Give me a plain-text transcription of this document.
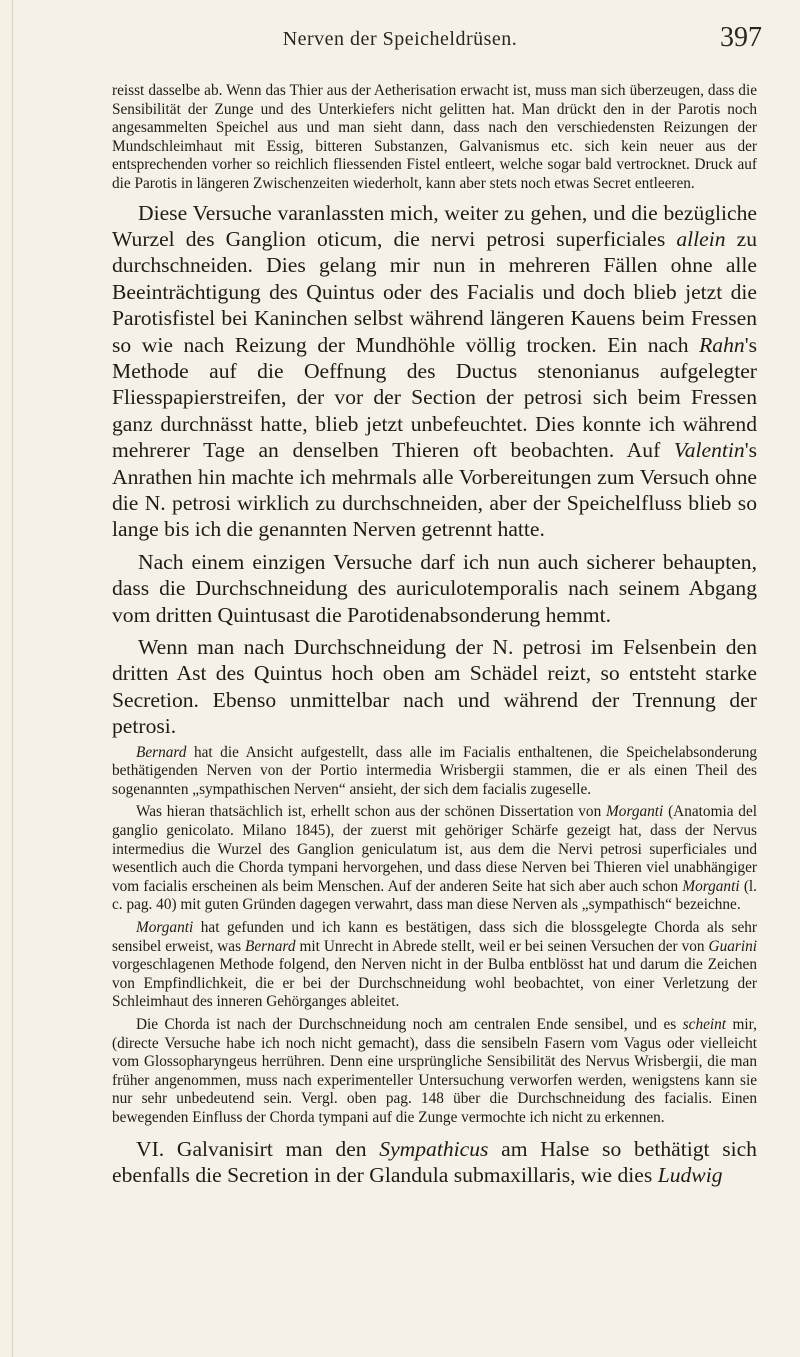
Nerven der Speicheldrüsen.	397

reisst dasselbe ab. Wenn das Thier aus der Aetherisation erwacht ist, muss man sich überzeugen, dass die Sensibilität der Zunge und des Unterkiefers nicht gelitten hat. Man drückt den in der Parotis noch angesammelten Speichel aus und man sieht dann, dass nach den verschiedensten Reizungen der Mundschleimhaut mit Essig, bitteren Substanzen, Galvanismus etc. sich kein neuer aus der entsprechenden vorher so reichlich fliessenden Fistel entleert, welche sogar bald vertrocknet. Druck auf die Parotis in längeren Zwischenzeiten wiederholt, kann aber stets noch etwas Secret entleeren.

Diese Versuche varanlassten mich, weiter zu gehen, und die bezügliche Wurzel des Ganglion oticum, die nervi petrosi superficiales allein zu durchschneiden. Dies gelang mir nun in mehreren Fällen ohne alle Beeinträchtigung des Quintus oder des Facialis und doch blieb jetzt die Parotisfistel bei Kaninchen selbst während längeren Kauens beim Fressen so wie nach Reizung der Mundhöhle völlig trocken. Ein nach Rahn's Methode auf die Oeffnung des Ductus stenonianus aufgelegter Fliesspapierstreifen, der vor der Section der petrosi sich beim Fressen ganz durchnässt hatte, blieb jetzt unbefeuchtet. Dies konnte ich während mehrerer Tage an denselben Thieren oft beobachten. Auf Valentin's Anrathen hin machte ich mehrmals alle Vorbereitungen zum Versuch ohne die N. petrosi wirklich zu durchschneiden, aber der Speichelfluss blieb so lange bis ich die genannten Nerven getrennt hatte.

Nach einem einzigen Versuche darf ich nun auch sicherer behaupten, dass die Durchschneidung des auriculotemporalis nach seinem Abgang vom dritten Quintusast die Parotidenabsonderung hemmt.

Wenn man nach Durchschneidung der N. petrosi im Felsenbein den dritten Ast des Quintus hoch oben am Schädel reizt, so entsteht starke Secretion. Ebenso unmittelbar nach und während der Trennung der petrosi.

Bernard hat die Ansicht aufgestellt, dass alle im Facialis enthaltenen, die Speichelabsonderung bethätigenden Nerven von der Portio intermedia Wrisbergii stammen, die er als einen Theil des sogenannten „sympathischen Nerven“ ansieht, der sich dem facialis zugeselle.

Was hieran thatsächlich ist, erhellt schon aus der schönen Dissertation von Morganti (Anatomia del ganglio genicolato. Milano 1845), der zuerst mit gehöriger Schärfe gezeigt hat, dass der Nervus intermedius die Wurzel des Ganglion geniculatum ist, aus dem die Nervi petrosi superficiales und wesentlich auch die Chorda tympani hervorgehen, und dass diese Nerven bei Thieren viel unabhängiger vom facialis erscheinen als beim Menschen. Auf der anderen Seite hat sich aber auch schon Morganti (l. c. pag. 40) mit guten Gründen dagegen verwahrt, dass man diese Nerven als „sympathisch“ bezeichne.

Morganti hat gefunden und ich kann es bestätigen, dass sich die blossgelegte Chorda als sehr sensibel erweist, was Bernard mit Unrecht in Abrede stellt, weil er bei seinen Versuchen der von Guarini vorgeschlagenen Methode folgend, den Nerven nicht in der Bulba entblösst hat und darum die Zeichen von Empfindlichkeit, die er bei der Durchschneidung wohl beobachtet, von einer Verletzung der Schleimhaut des inneren Gehörganges ableitet.

Die Chorda ist nach der Durchschneidung noch am centralen Ende sensibel, und es scheint mir, (directe Versuche habe ich noch nicht gemacht), dass die sensibeln Fasern vom Vagus oder vielleicht vom Glossopharyngeus herrühren. Denn eine ursprüngliche Sensibilität des Nervus Wrisbergii, die man früher angenommen, muss nach experimenteller Untersuchung verworfen werden, wenigstens kann sie nur sehr unbedeutend sein. Vergl. oben pag. 148 über die Durchschneidung des facialis. Einen bewegenden Einfluss der Chorda tympani auf die Zunge vermochte ich nicht zu erkennen.

VI. Galvanisirt man den Sympathicus am Halse so bethätigt sich ebenfalls die Secretion in der Glandula submaxillaris, wie dies Ludwig
